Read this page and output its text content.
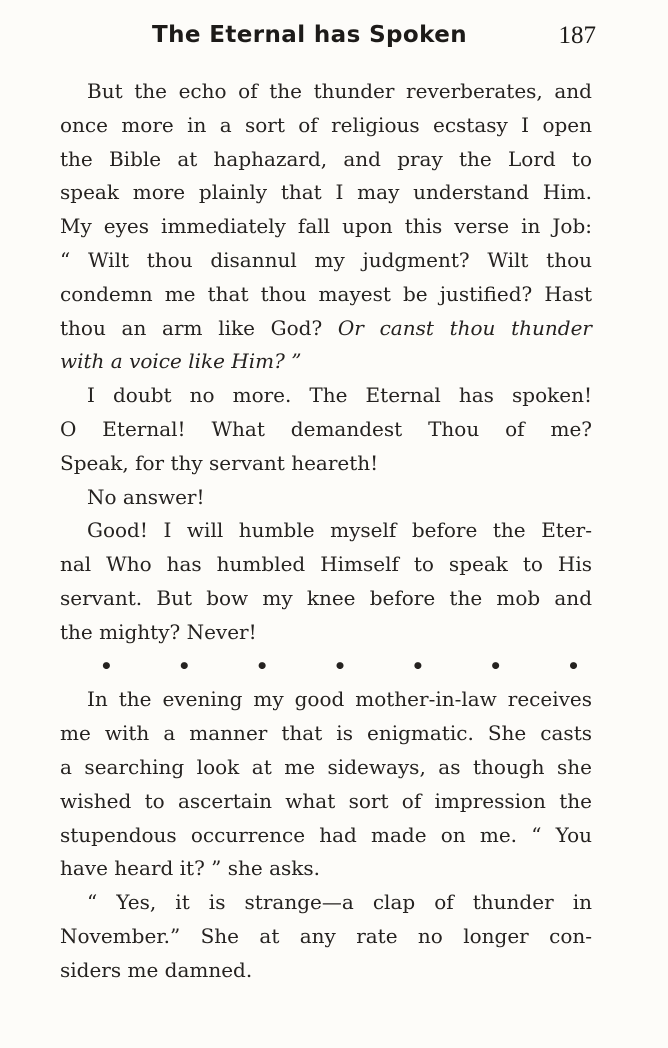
The Eternal has Spoken	187
But the echo of the thunder reverberates, and
once more in a sort of religious ecstasy I open
the Bible at haphazard, and pray the Lord to
speak more plainly that I may understand Him.
My eyes immediately fall upon this verse in Job:
“ Wilt thou disannul my judgment? Wilt thou
condemn me that thou mayest be justified? Hast
thou an arm like God? Or canst thou thunder
with a voice like Him? ”
I doubt no more. The Eternal has spoken!
O Eternal! What demandest Thou of me?
Speak, for thy servant heareth!
No answer!
Good! I will humble myself before the Eter-
nal Who has humbled Himself to speak to His
servant. But bow my knee before the mob and
the mighty? Never!
•	•	•	•	•	•	•
In the evening my good mother-in-law receives
me with a manner that is enigmatic. She casts
a searching look at me sideways, as though she
wished to ascertain what sort of impression the
stupendous occurrence had made on me. “ You
have heard it? ” she asks.
“ Yes, it is strange—a clap of thunder in
November.” She at any rate no longer con-
siders me damned.
